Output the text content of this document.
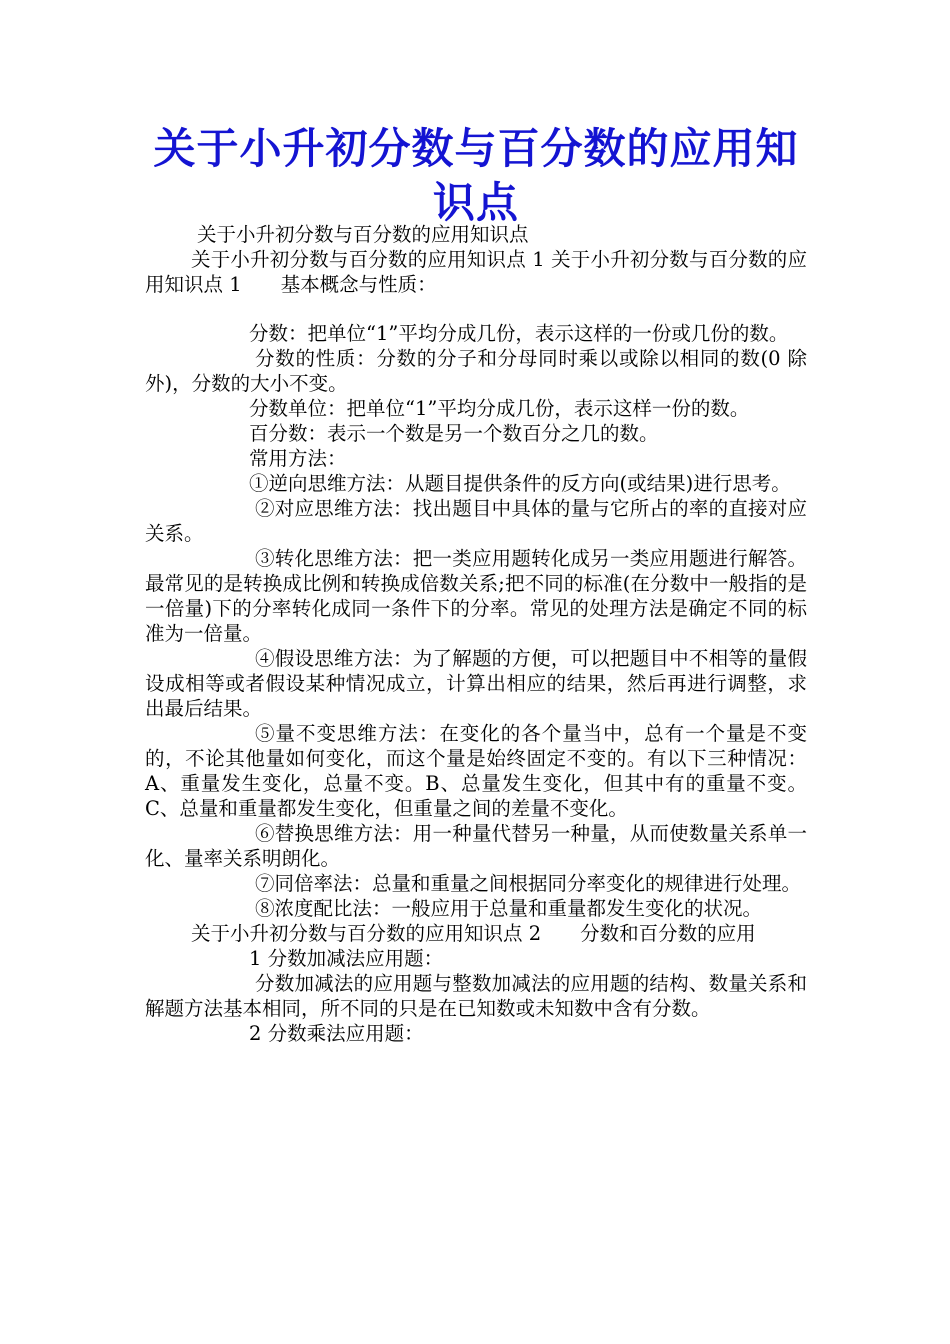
关于小升初分数与百分数的应用知识点

关于小升初分数与百分数的应用知识点

关于小升初分数与百分数的应用知识点 1 关于小升初分数与百分数的应用知识点 1　　基本概念与性质：

分数：把单位“1”平均分成几份，表示这样的一份或几份的数。

分数的性质：分数的分子和分母同时乘以或除以相同的数(0 除外)，分数的大小不变。

分数单位：把单位“1”平均分成几份，表示这样一份的数。

百分数：表示一个数是另一个数百分之几的数。

常用方法：

①逆向思维方法：从题目提供条件的反方向(或结果)进行思考。

②对应思维方法：找出题目中具体的量与它所占的率的直接对应关系。

③转化思维方法：把一类应用题转化成另一类应用题进行解答。最常见的是转换成比例和转换成倍数关系;把不同的标准(在分数中一般指的是一倍量)下的分率转化成同一条件下的分率。常见的处理方法是确定不同的标准为一倍量。

④假设思维方法：为了解题的方便，可以把题目中不相等的量假设成相等或者假设某种情况成立，计算出相应的结果，然后再进行调整，求出最后结果。

⑤量不变思维方法：在变化的各个量当中，总有一个量是不变的，不论其他量如何变化，而这个量是始终固定不变的。有以下三种情况：A、重量发生变化，总量不变。B、总量发生变化，但其中有的重量不变。C、总量和重量都发生变化，但重量之间的差量不变化。

⑥替换思维方法：用一种量代替另一种量，从而使数量关系单一化、量率关系明朗化。

⑦同倍率法：总量和重量之间根据同分率变化的规律进行处理。

⑧浓度配比法：一般应用于总量和重量都发生变化的状况。

关于小升初分数与百分数的应用知识点 2　　分数和百分数的应用

1 分数加减法应用题：

分数加减法的应用题与整数加减法的应用题的结构、数量关系和解题方法基本相同，所不同的只是在已知数或未知数中含有分数。

2 分数乘法应用题：
